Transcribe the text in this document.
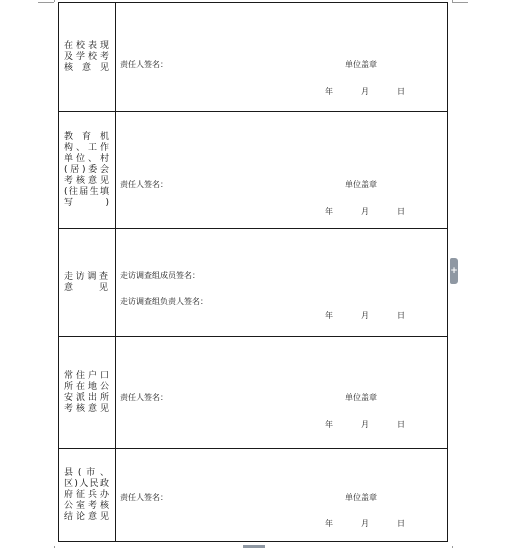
在校表现及学校考核意见 责任人签名：	单位盖章
年	月	日
教育机构、工作单位、村(居)委会考核意见(往届生填写)
责任人签名：	单位盖章
年	月	日
走访调查意见
走访调查组成员签名：
走访调查组负责人签名：
年	月	日
常住户口所在地公安派出所考核意见
责任人签名：	单位盖章
年	月	日
县(市、区)人民政府征兵办公室考核结论意见
责任人签名：	单位盖章
年	月	日
+
